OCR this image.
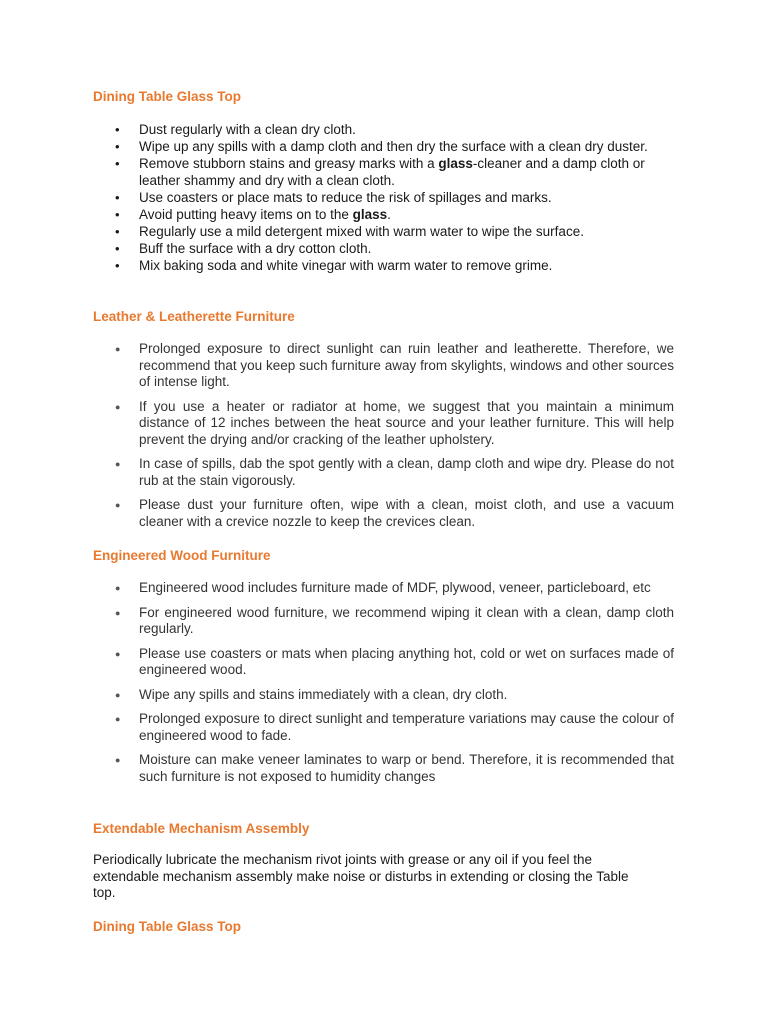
Dining Table Glass Top
• Dust regularly with a clean dry cloth.
• Wipe up any spills with a damp cloth and then dry the surface with a clean dry duster.
• Remove stubborn stains and greasy marks with a glass-cleaner and a damp cloth or leather shammy and dry with a clean cloth.
• Use coasters or place mats to reduce the risk of spillages and marks.
• Avoid putting heavy items on to the glass.
• Regularly use a mild detergent mixed with warm water to wipe the surface.
• Buff the surface with a dry cotton cloth.
• Mix baking soda and white vinegar with warm water to remove grime.
Leather & Leatherette Furniture
● Prolonged exposure to direct sunlight can ruin leather and leatherette. Therefore, we recommend that you keep such furniture away from skylights, windows and other sources of intense light.
● If you use a heater or radiator at home, we suggest that you maintain a minimum distance of 12 inches between the heat source and your leather furniture. This will help prevent the drying and/or cracking of the leather upholstery.
● In case of spills, dab the spot gently with a clean, damp cloth and wipe dry. Please do not rub at the stain vigorously.
● Please dust your furniture often, wipe with a clean, moist cloth, and use a vacuum cleaner with a crevice nozzle to keep the crevices clean.
Engineered Wood Furniture
● Engineered wood includes furniture made of MDF, plywood, veneer, particleboard, etc
● For engineered wood furniture, we recommend wiping it clean with a clean, damp cloth regularly.
● Please use coasters or mats when placing anything hot, cold or wet on surfaces made of engineered wood.
● Wipe any spills and stains immediately with a clean, dry cloth.
● Prolonged exposure to direct sunlight and temperature variations may cause the colour of engineered wood to fade.
● Moisture can make veneer laminates to warp or bend. Therefore, it is recommended that such furniture is not exposed to humidity changes
Extendable Mechanism Assembly

Periodically lubricate the mechanism rivot joints with grease or any oil if you feel the extendable mechanism assembly make noise or disturbs in extending or closing the Table top.

Dining Table Glass Top
